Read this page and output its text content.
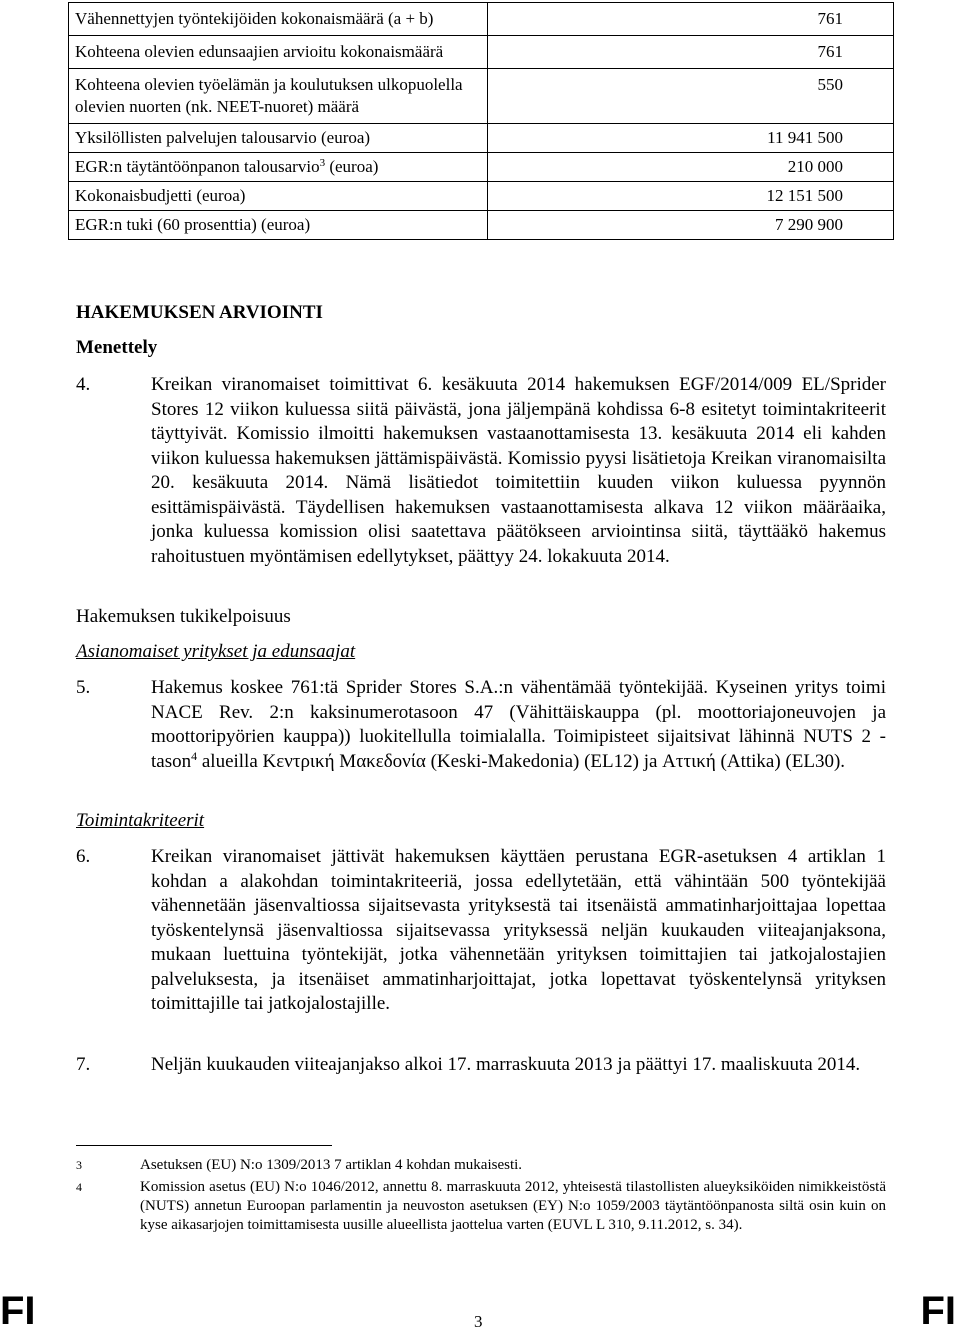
Vähennettyjen työntekijöiden kokonaismäärä (a + b)	761
Kohteena olevien edunsaajien arvioitu kokonaismäärä	761
Kohteena olevien työelämän ja koulutuksen ulkopuolella olevien nuorten (nk. NEET-nuoret) määrä	550
Yksilöllisten palvelujen talousarvio (euroa)	11 941 500
EGR:n täytäntöönpanon talousarvio$^3$ (euroa)	210 000
Kokonaisbudjetti (euroa)	12 151 500
EGR:n tuki (60 prosenttia) (euroa)	7 290 900
HAKEMUKSEN ARVIOINTI
Menettely
4.	Kreikan viranomaiset toimittivat 6. kesäkuuta 2014 hakemuksen EGF/2014/009 EL/Sprider Stores 12 viikon kuluessa siitä päivästä, jona jäljempänä kohdissa 6‑8 esitetyt toimintakriteerit täyttyivät. Komissio ilmoitti hakemuksen vastaanottamisesta 13. kesäkuuta 2014 eli kahden viikon kuluessa hakemuksen jättämispäivästä. Komissio pyysi lisätietoja Kreikan viranomaisilta 20. kesäkuuta 2014. Nämä lisätiedot toimitettiin kuuden viikon kuluessa pyynnön esittämispäivästä. Täydellisen hakemuksen vastaanottamisesta alkava 12 viikon määräaika, jonka kuluessa komission olisi saatettava päätökseen arviointinsa siitä, täyttääkö hakemus rahoitustuen myöntämisen edellytykset, päättyy 24. lokakuuta 2014.
Hakemuksen tukikelpoisuus
Asianomaiset yritykset ja edunsaajat
5.	Hakemus koskee 761:tä Sprider Stores S.A.:n vähentämää työntekijää. Kyseinen yritys toimi NACE Rev. 2:n kaksinumerotasoon 47 (Vähittäiskauppa (pl. moottoriajoneuvojen ja moottoripyörien kauppa)) luokitellulla toimialalla. Toimipisteet sijaitsivat lähinnä NUTS 2 -tason$^4$ alueilla Κεντρική Μακεδονία (Keski-Makedonia) (EL12) ja Αττική (Attika) (EL30).
Toimintakriteerit
6.	Kreikan viranomaiset jättivät hakemuksen käyttäen perustana EGR-asetuksen 4 artiklan 1 kohdan a alakohdan toimintakriteeriä, jossa edellytetään, että vähintään 500 työntekijää vähennetään jäsenvaltiossa sijaitsevasta yrityksestä tai itsenäistä ammatinharjoittajaa lopettaa työskentelynsä jäsenvaltiossa sijaitsevassa yrityksessä neljän kuukauden viiteajanjaksona, mukaan luettuina työntekijät, jotka vähennetään yrityksen toimittajien tai jatkojalostajien palveluksesta, ja itsenäiset ammatinharjoittajat, jotka lopettavat työskentelynsä yrityksen toimittajille tai jatkojalostajille.
7.	Neljän kuukauden viiteajanjakso alkoi 17. marraskuuta 2013 ja päättyi 17. maaliskuuta 2014.
3	Asetuksen (EU) N:o 1309/2013 7 artiklan 4 kohdan mukaisesti.
4	Komission asetus (EU) N:o 1046/2012, annettu 8. marraskuuta 2012, yhteisestä tilastollisten alueyksiköiden nimikkeistöstä (NUTS) annetun Euroopan parlamentin ja neuvoston asetuksen (EY) N:o 1059/2003 täytäntöönpanosta siltä osin kuin on kyse aikasarjojen toimittamisesta uusille alueellista jaottelua varten (EUVL L 310, 9.11.2012, s. 34).
FI	3	FI
